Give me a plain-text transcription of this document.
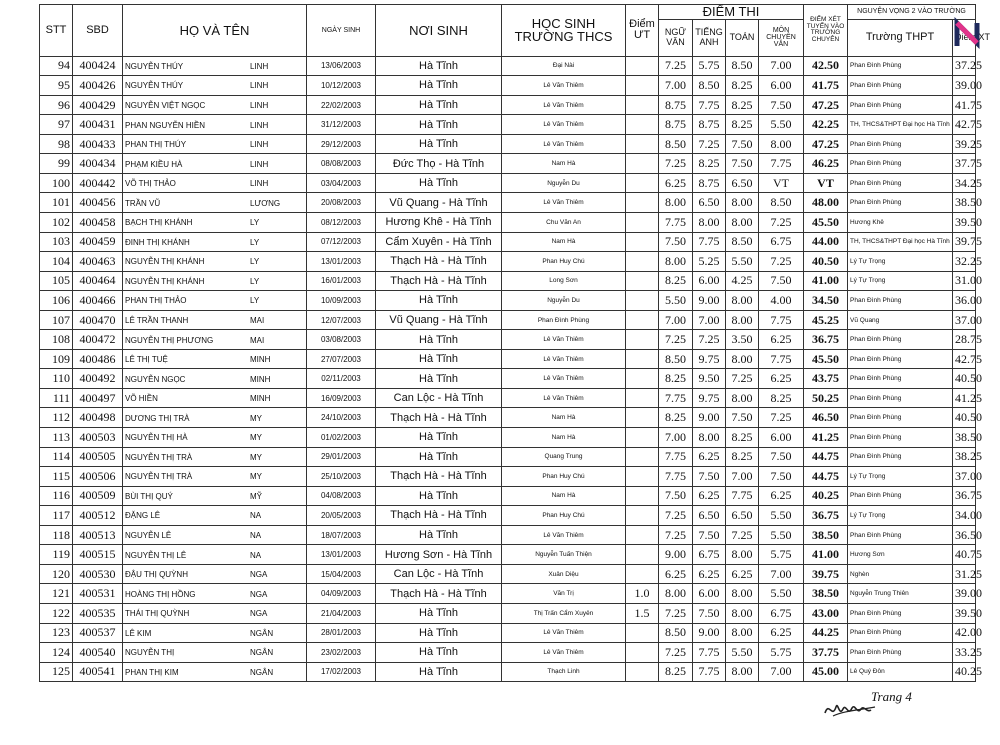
STT	SBD	HỌ VÀ TÊN	NGÀY SINH	NƠI SINH	HỌC SINH TRƯỜNG THCS	Điểm ƯT	ĐIỂM THI				ĐIỂM XÉT TUYỂN VÀO TRƯỜNG CHUYÊN	NGUYỆN VỌNG 2 VÀO TRƯỜNG	
							NGỮ VĂN	TIẾNG ANH	TOÁN	MÔN CHUYÊN VĂN		Trường THPT	Điểm XT
94	400424	NGUYỄN THÚY LINH	13/06/2003	Hà Tĩnh	Đại Nài		7.25	5.75	8.50	7.00	42.50	Phan Đình Phùng	37.25
95	400426	NGUYỄN THÚY LINH	10/12/2003	Hà Tĩnh	Lê Văn Thiêm		7.00	8.50	8.25	6.00	41.75	Phan Đình Phùng	39.00
96	400429	NGUYỄN VIỆT NGỌC LINH	22/02/2003	Hà Tĩnh	Lê Văn Thiêm		8.75	7.75	8.25	7.50	47.25	Phan Đình Phùng	41.75
97	400431	PHAN NGUYỄN HIỀN LINH	31/12/2003	Hà Tĩnh	Lê Văn Thiêm		8.75	8.75	8.25	5.50	42.25	TH, THCS&THPT Đại học Hà Tĩnh	42.75
98	400433	PHAN THỊ THÚY LINH	29/12/2003	Hà Tĩnh	Lê Văn Thiêm		8.50	7.25	7.50	8.00	47.25	Phan Đình Phùng	39.25
99	400434	PHẠM KIỀU HÀ LINH	08/08/2003	Đức Thọ - Hà Tĩnh	Nam Hà		7.25	8.25	7.50	7.75	46.25	Phan Đình Phùng	37.75
100	400442	VÕ THỊ THẢO LINH	03/04/2003	Hà Tĩnh	Nguyễn Du		6.25	8.75	6.50	VT	VT	Phan Đình Phùng	34.25
101	400456	TRẦN VŨ LƯƠNG	20/08/2003	Vũ Quang - Hà Tĩnh	Lê Văn Thiêm		8.00	6.50	8.00	8.50	48.00	Phan Đình Phùng	38.50
102	400458	BẠCH THỊ KHÁNH LY	08/12/2003	Hương Khê - Hà Tĩnh	Chu Văn An		7.75	8.00	8.00	7.25	45.50	Hương Khê	39.50
103	400459	ĐINH THỊ KHÁNH LY	07/12/2003	Cẩm Xuyên - Hà Tĩnh	Nam Hà		7.50	7.75	8.50	6.75	44.00	TH, THCS&THPT Đại học Hà Tĩnh	39.75
104	400463	NGUYỄN THỊ KHÁNH LY	13/01/2003	Thạch Hà - Hà Tĩnh	Phan Huy Chú		8.00	5.25	5.50	7.25	40.50	Lý Tự Trọng	32.25
105	400464	NGUYỄN THỊ KHÁNH LY	16/01/2003	Thạch Hà - Hà Tĩnh	Long Sơn		8.25	6.00	4.25	7.50	41.00	Lý Tự Trọng	31.00
106	400466	PHAN THỊ THẢO LY	10/09/2003	Hà Tĩnh	Nguyễn Du		5.50	9.00	8.00	4.00	34.50	Phan Đình Phùng	36.00
107	400470	LÊ TRẦN THANH MAI	12/07/2003	Vũ Quang - Hà Tĩnh	Phan Đình Phùng		7.00	7.00	8.00	7.75	45.25	Vũ Quang	37.00
108	400472	NGUYỄN THỊ PHƯƠNG MAI	03/08/2003	Hà Tĩnh	Lê Văn Thiêm		7.25	7.25	3.50	6.25	36.75	Phan Đình Phùng	28.75
109	400486	LÊ THỊ TUỆ MINH	27/07/2003	Hà Tĩnh	Lê Văn Thiêm		8.50	9.75	8.00	7.75	45.50	Phan Đình Phùng	42.75
110	400492	NGUYỄN NGỌC MINH	02/11/2003	Hà Tĩnh	Lê Văn Thiêm		8.25	9.50	7.25	6.25	43.75	Phan Đình Phùng	40.50
111	400497	VÕ HIỀN MINH	16/09/2003	Can Lộc - Hà Tĩnh	Lê Văn Thiêm		7.75	9.75	8.00	8.25	50.25	Phan Đình Phùng	41.25
112	400498	DƯƠNG THỊ TRÀ MY	24/10/2003	Thạch Hà - Hà Tĩnh	Nam Hà		8.25	9.00	7.50	7.25	46.50	Phan Đình Phùng	40.50
113	400503	NGUYỄN THỊ HÀ MY	01/02/2003	Hà Tĩnh	Nam Hà		7.00	8.00	8.25	6.00	41.25	Phan Đình Phùng	38.50
114	400505	NGUYỄN THỊ TRÀ MY	29/01/2003	Hà Tĩnh	Quang Trung		7.75	6.25	8.25	7.50	44.75	Phan Đình Phùng	38.25
115	400506	NGUYỄN THỊ TRÀ MY	25/10/2003	Thạch Hà - Hà Tĩnh	Phan Huy Chú		7.75	7.50	7.00	7.50	44.75	Lý Tự Trọng	37.00
116	400509	BÙI THỊ QUÝ MỸ	04/08/2003	Hà Tĩnh	Nam Hà		7.50	6.25	7.75	6.25	40.25	Phan Đình Phùng	36.75
117	400512	ĐẶNG LÊ NA	20/05/2003	Thạch Hà - Hà Tĩnh	Phan Huy Chú		7.25	6.50	6.50	5.50	36.75	Lý Tự Trọng	34.00
118	400513	NGUYỄN LÊ NA	18/07/2003	Hà Tĩnh	Lê Văn Thiêm		7.25	7.50	7.25	5.50	38.50	Phan Đình Phùng	36.50
119	400515	NGUYỄN THỊ LÊ NA	13/01/2003	Hương Sơn - Hà Tĩnh	Nguyễn Tuấn Thiện		9.00	6.75	8.00	5.75	41.00	Hương Sơn	40.75
120	400530	ĐẬU THỊ QUỲNH NGA	15/04/2003	Can Lộc - Hà Tĩnh	Xuân Diệu		6.25	6.25	6.25	7.00	39.75	Nghèn	31.25
121	400531	HOÀNG THỊ HỒNG NGA	04/09/2003	Thạch Hà - Hà Tĩnh	Văn Trị	1.0	8.00	6.00	8.00	5.50	38.50	Nguyễn Trung Thiên	39.00
122	400535	THÁI THỊ QUỲNH NGA	21/04/2003	Hà Tĩnh	Thị Trấn Cẩm Xuyên	1.5	7.25	7.50	8.00	6.75	43.00	Phan Đình Phùng	39.50
123	400537	LÊ KIM NGÂN	28/01/2003	Hà Tĩnh	Lê Văn Thiêm		8.50	9.00	8.00	6.25	44.25	Phan Đình Phùng	42.00
124	400540	NGUYỄN THỊ NGÂN	23/02/2003	Hà Tĩnh	Lê Văn Thiêm		7.25	7.75	5.50	5.75	37.75	Phan Đình Phùng	33.25
125	400541	PHAN THỊ KIM NGÂN	17/02/2003	Hà Tĩnh	Thạch Linh		8.25	7.75	8.00	7.00	45.00	Lê Quý Đôn	40.25
Trang 4
